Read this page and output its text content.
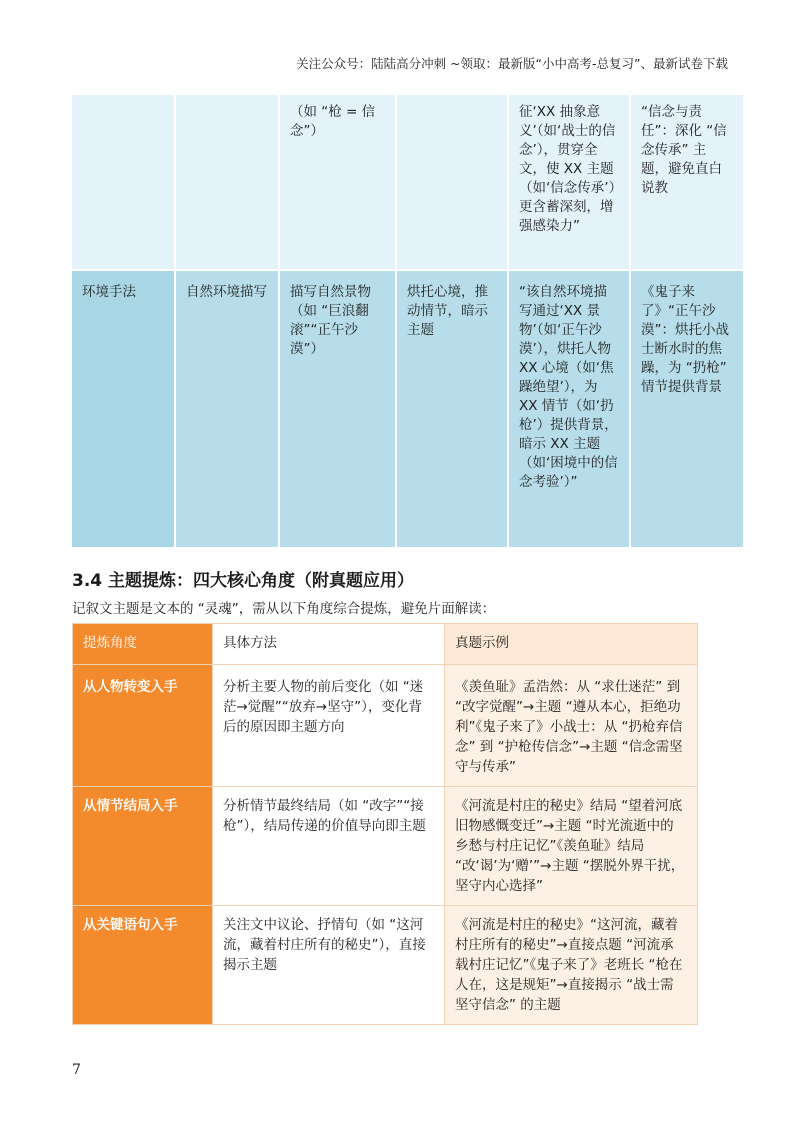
关注公众号：陆陆高分冲刺 ~领取：最新版“小中高考-总复习”、最新试卷下载
		（如 “枪 = 信念”）		征‘XX 抽象意义’（如‘战士的信念’），贯穿全文，使 XX 主题（如‘信念传承’）更含蓄深刻，增强感染力”	“信念与责任”：深化 “信念传承” 主题，避免直白说教
环境手法	自然环境描写	描写自然景物（如 “巨浪翻滚”“正午沙漠”）	烘托心境，推动情节，暗示主题	“该自然环境描写通过‘XX 景物’（如‘正午沙漠’），烘托人物 XX 心境（如‘焦躁绝望’），为 XX 情节（如‘扔枪’）提供背景，暗示 XX 主题（如‘困境中的信念考验’）”	《鬼子来了》“正午沙漠”：烘托小战士断水时的焦躁，为 “扔枪” 情节提供背景
3.4 主题提炼：四大核心角度（附真题应用）
记叙文主题是文本的 “灵魂”，需从以下角度综合提炼，避免片面解读：
提炼角度	具体方法	真题示例
从人物转变入手	分析主要人物的前后变化（如 “迷茫→觉醒”“放弃→坚守”），变化背后的原因即主题方向	《羡鱼耻》孟浩然：从 “求仕迷茫” 到 “改字觉醒”→主题 “遵从本心，拒绝功利”《鬼子来了》小战士：从 “扔枪弃信念” 到 “护枪传信念”→主题 “信念需坚守与传承”
从情节结局入手	分析情节最终结局（如 “改字”“接枪”），结局传递的价值导向即主题	《河流是村庄的秘史》结局 “望着河底旧物感慨变迁”→主题 “时光流逝中的乡愁与村庄记忆”《羡鱼耻》结局 “改‘谒’为‘赠’”→主题 “摆脱外界干扰，坚守内心选择”
从关键语句入手	关注文中议论、抒情句（如 “这河流，藏着村庄所有的秘史”），直接揭示主题	《河流是村庄的秘史》“这河流，藏着村庄所有的秘史”→直接点题 “河流承载村庄记忆”《鬼子来了》老班长 “枪在人在，这是规矩”→直接揭示 “战士需坚守信念” 的主题
7
